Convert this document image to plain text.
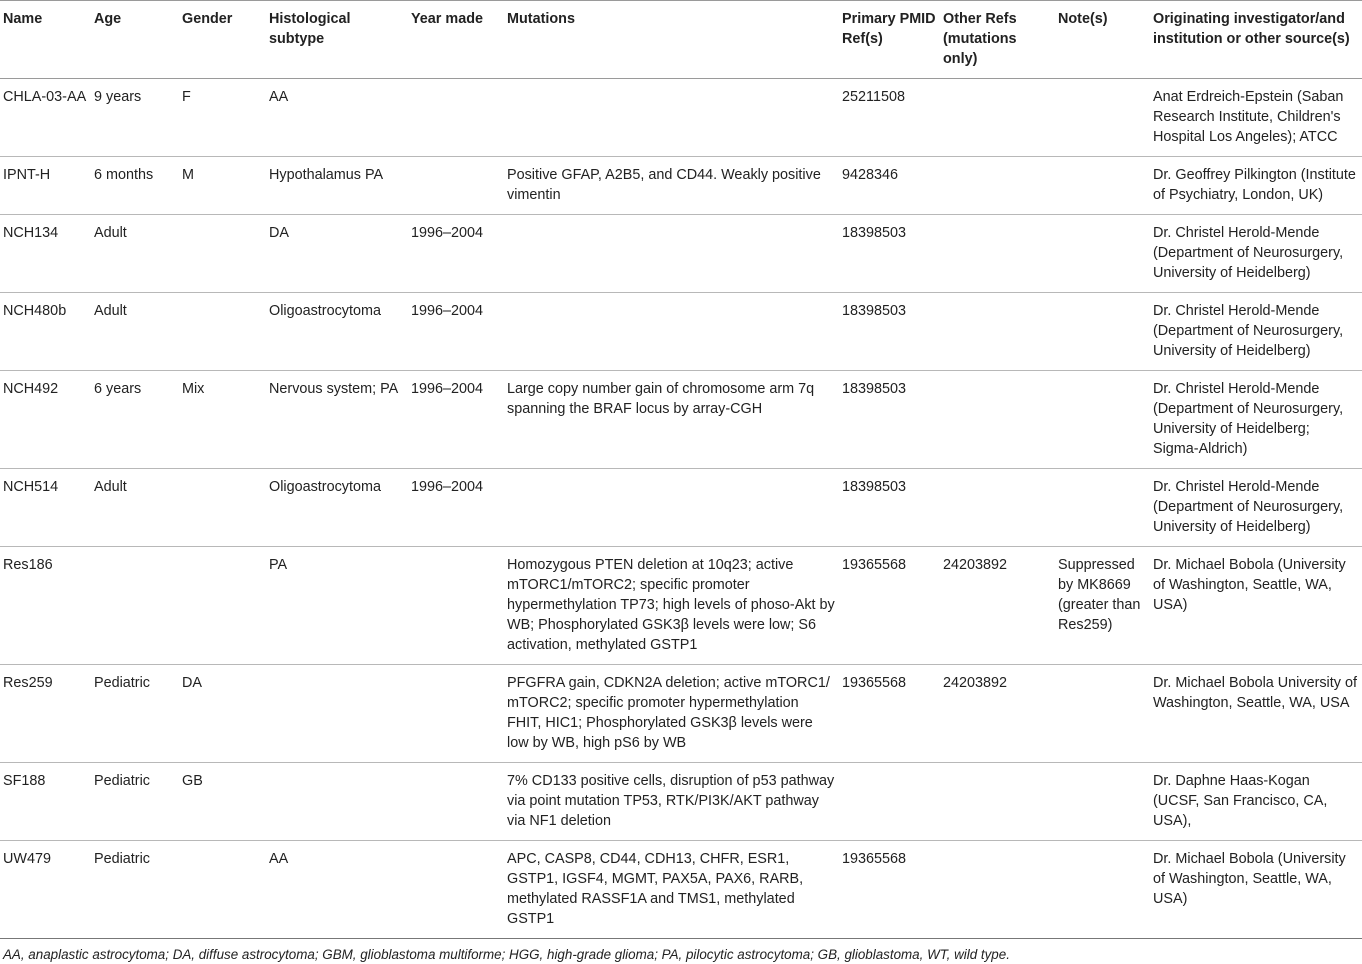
Name	Age	Gender	Histological subtype	Year made	Mutations	Primary PMID Ref(s)	Other Refs (mutations only)	Note(s)	Originating investigator/and institution or other source(s)
CHLA-03-AA	9 years	F	AA			25211508			Anat Erdreich-Epstein (Saban Research Institute, Children's Hospital Los Angeles); ATCC
IPNT-H	6 months	M	Hypothalamus PA		Positive GFAP, A2B5, and CD44. Weakly positive vimentin	9428346			Dr. Geoffrey Pilkington (Institute of Psychiatry, London, UK)
NCH134	Adult		DA	1996–2004		18398503			Dr. Christel Herold-Mende (Department of Neurosurgery, University of Heidelberg)
NCH480b	Adult		Oligoastrocytoma	1996–2004		18398503			Dr. Christel Herold-Mende (Department of Neurosurgery, University of Heidelberg)
NCH492	6 years	Mix	Nervous system; PA	1996–2004	Large copy number gain of chromosome arm 7q spanning the BRAF locus by array-CGH	18398503			Dr. Christel Herold-Mende (Department of Neurosurgery, University of Heidelberg; Sigma-Aldrich)
NCH514	Adult		Oligoastrocytoma	1996–2004		18398503			Dr. Christel Herold-Mende (Department of Neurosurgery, University of Heidelberg)
Res186			PA		Homozygous PTEN deletion at 10q23; active mTORC1/mTORC2; specific promoter hypermethylation TP73; high levels of phoso-Akt by WB; Phosphorylated GSK3β levels were low; S6 activation, methylated GSTP1	19365568	24203892	Suppressed by MK8669 (greater than Res259)	Dr. Michael Bobola (University of Washington, Seattle, WA, USA)
Res259	Pediatric	DA			PFGFRA gain, CDKN2A deletion; active mTORC1/ mTORC2; specific promoter hypermethylation FHIT, HIC1; Phosphorylated GSK3β levels were low by WB, high pS6 by WB	19365568	24203892		Dr. Michael Bobola University of Washington, Seattle, WA, USA
SF188	Pediatric	GB			7% CD133 positive cells, disruption of p53 pathway via point mutation TP53, RTK/PI3K/AKT pathway via NF1 deletion				Dr. Daphne Haas-Kogan (UCSF, San Francisco, CA, USA),
UW479	Pediatric		AA		APC, CASP8, CD44, CDH13, CHFR, ESR1, GSTP1, IGSF4, MGMT, PAX5A, PAX6, RARB, methylated RASSF1A and TMS1, methylated GSTP1	19365568			Dr. Michael Bobola (University of Washington, Seattle, WA, USA)
AA, anaplastic astrocytoma; DA, diffuse astrocytoma; GBM, glioblastoma multiforme; HGG, high-grade glioma; PA, pilocytic astrocytoma; GB, glioblastoma, WT, wild type.
